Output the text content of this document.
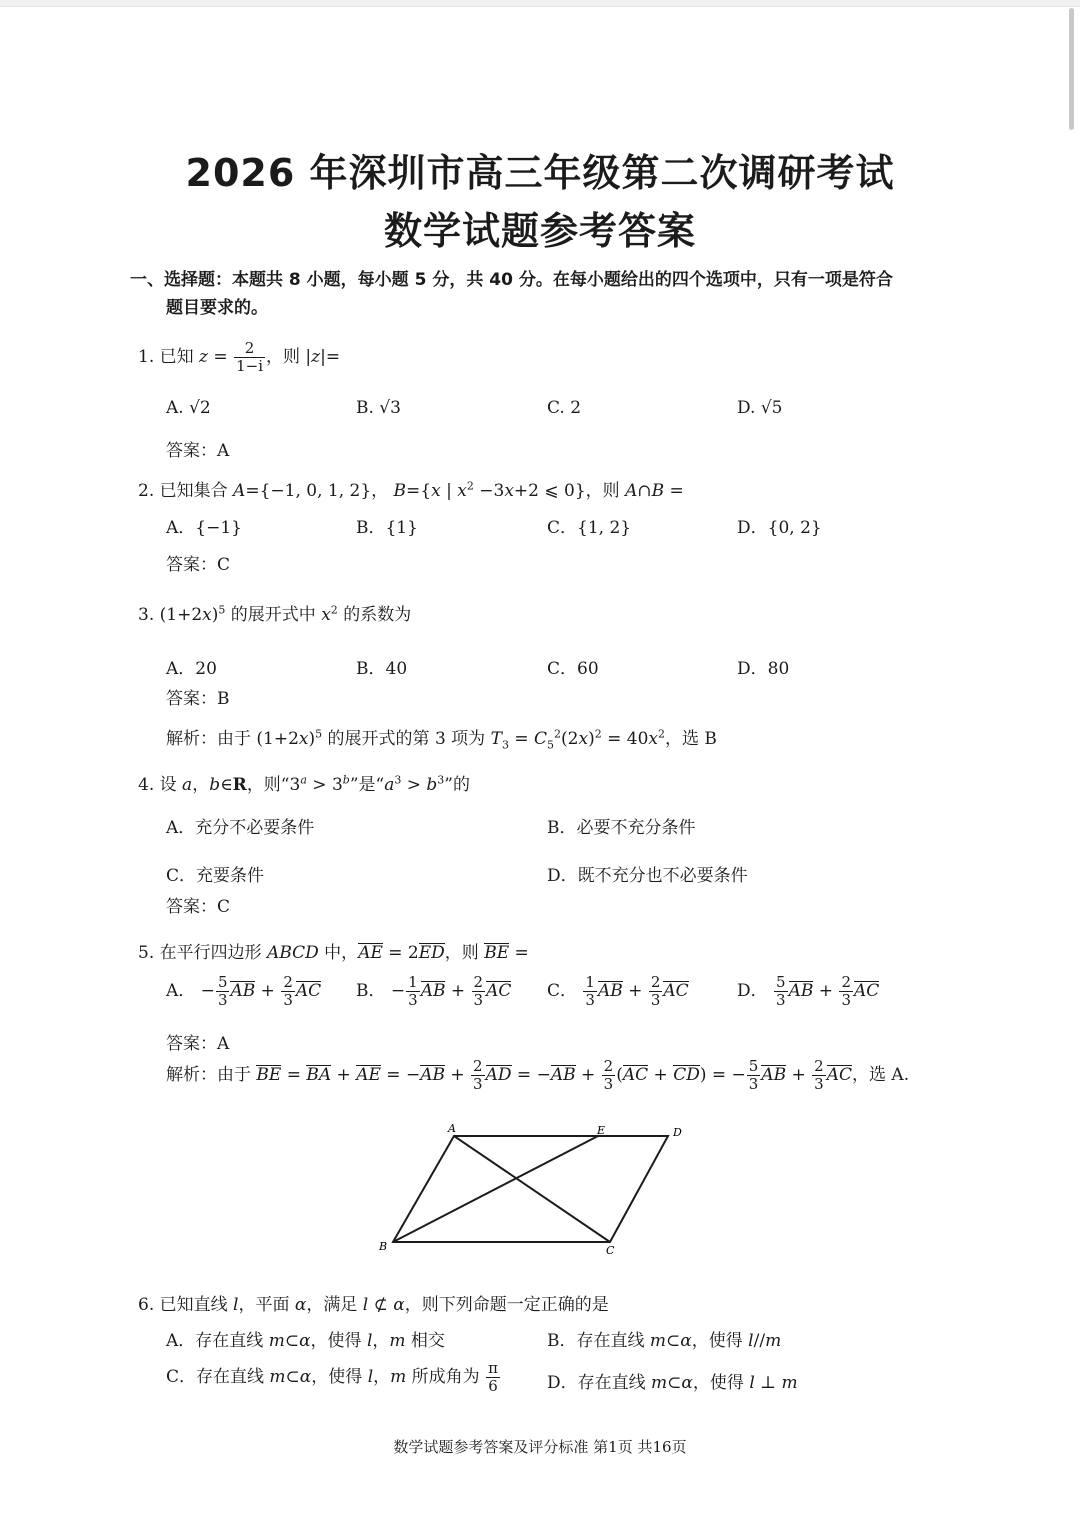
2026 年深圳市高三年级第二次调研考试
数学试题参考答案
一、选择题：本题共 8 小题，每小题 5 分，共 40 分。在每小题给出的四个选项中，只有一项是符合
题目要求的。
1. 已知 $z = \frac{2}{1-i}$ ，则 |z|=
A. √2	B. √3	C. 2	D. √5
答案：A
2. 已知集合 A={−1, 0, 1, 2}， B={x | $x^2 -3x+2$ ⩽ 0}，则 A∩B =
A．{−1}	B．{1}	C．{1, 2}	D．{0, 2}
答案：C
3. $(1+2x)^5$ 的展开式中 $x^2$ 的系数为
A．20	B．40	C．60	D．80
答案：B
解析：由于 $(1+2x)^5$ 的展开式的第 3 项为 $T_3 = C_5^2(2x)^2 = 40x^2$，选 B
4. 设 a，b∈R，则“$3^a > 3^b$”是“$a^3 > b^3$”的
A．充分不必要条件	B．必要不充分条件
C．充要条件	D．既不充分也不必要条件
答案：C
5. 在平行四边形 ABCD 中，AE = 2ED，则 BE =
A． − $\frac{5}{3}$ AB + $\frac{2}{3}$ AC B． − $\frac{1}{3}$ AB + $\frac{2}{3}$ AC C． $\frac{1}{3}$ AB + $\frac{2}{3}$ AC	D． $\frac{5}{3}$ AB + $\frac{2}{3}$ AC
答案：A
解析：由于 BE = BA + AE = $-AB + \frac{2}{3}$ AD = $-AB + \frac{2}{3} (AC + CD)$ = − $\frac{5}{3}$ AB + $\frac{2}{3}$ AC，选 A.
A	E	D
B	C
6. 已知直线 l，平面 α，满足 l ⊄ α，则下列命题一定正确的是
A．存在直线 m⊂α，使得 l，m 相交	B．存在直线 m⊂α，使得 l//m
C．存在直线 m⊂α，使得 l，m 所成角为 $\frac{\pi}{6}$	D．存在直线 m⊂α，使得 l ⊥ m
数学试题参考答案及评分标准 第1页 共16页
